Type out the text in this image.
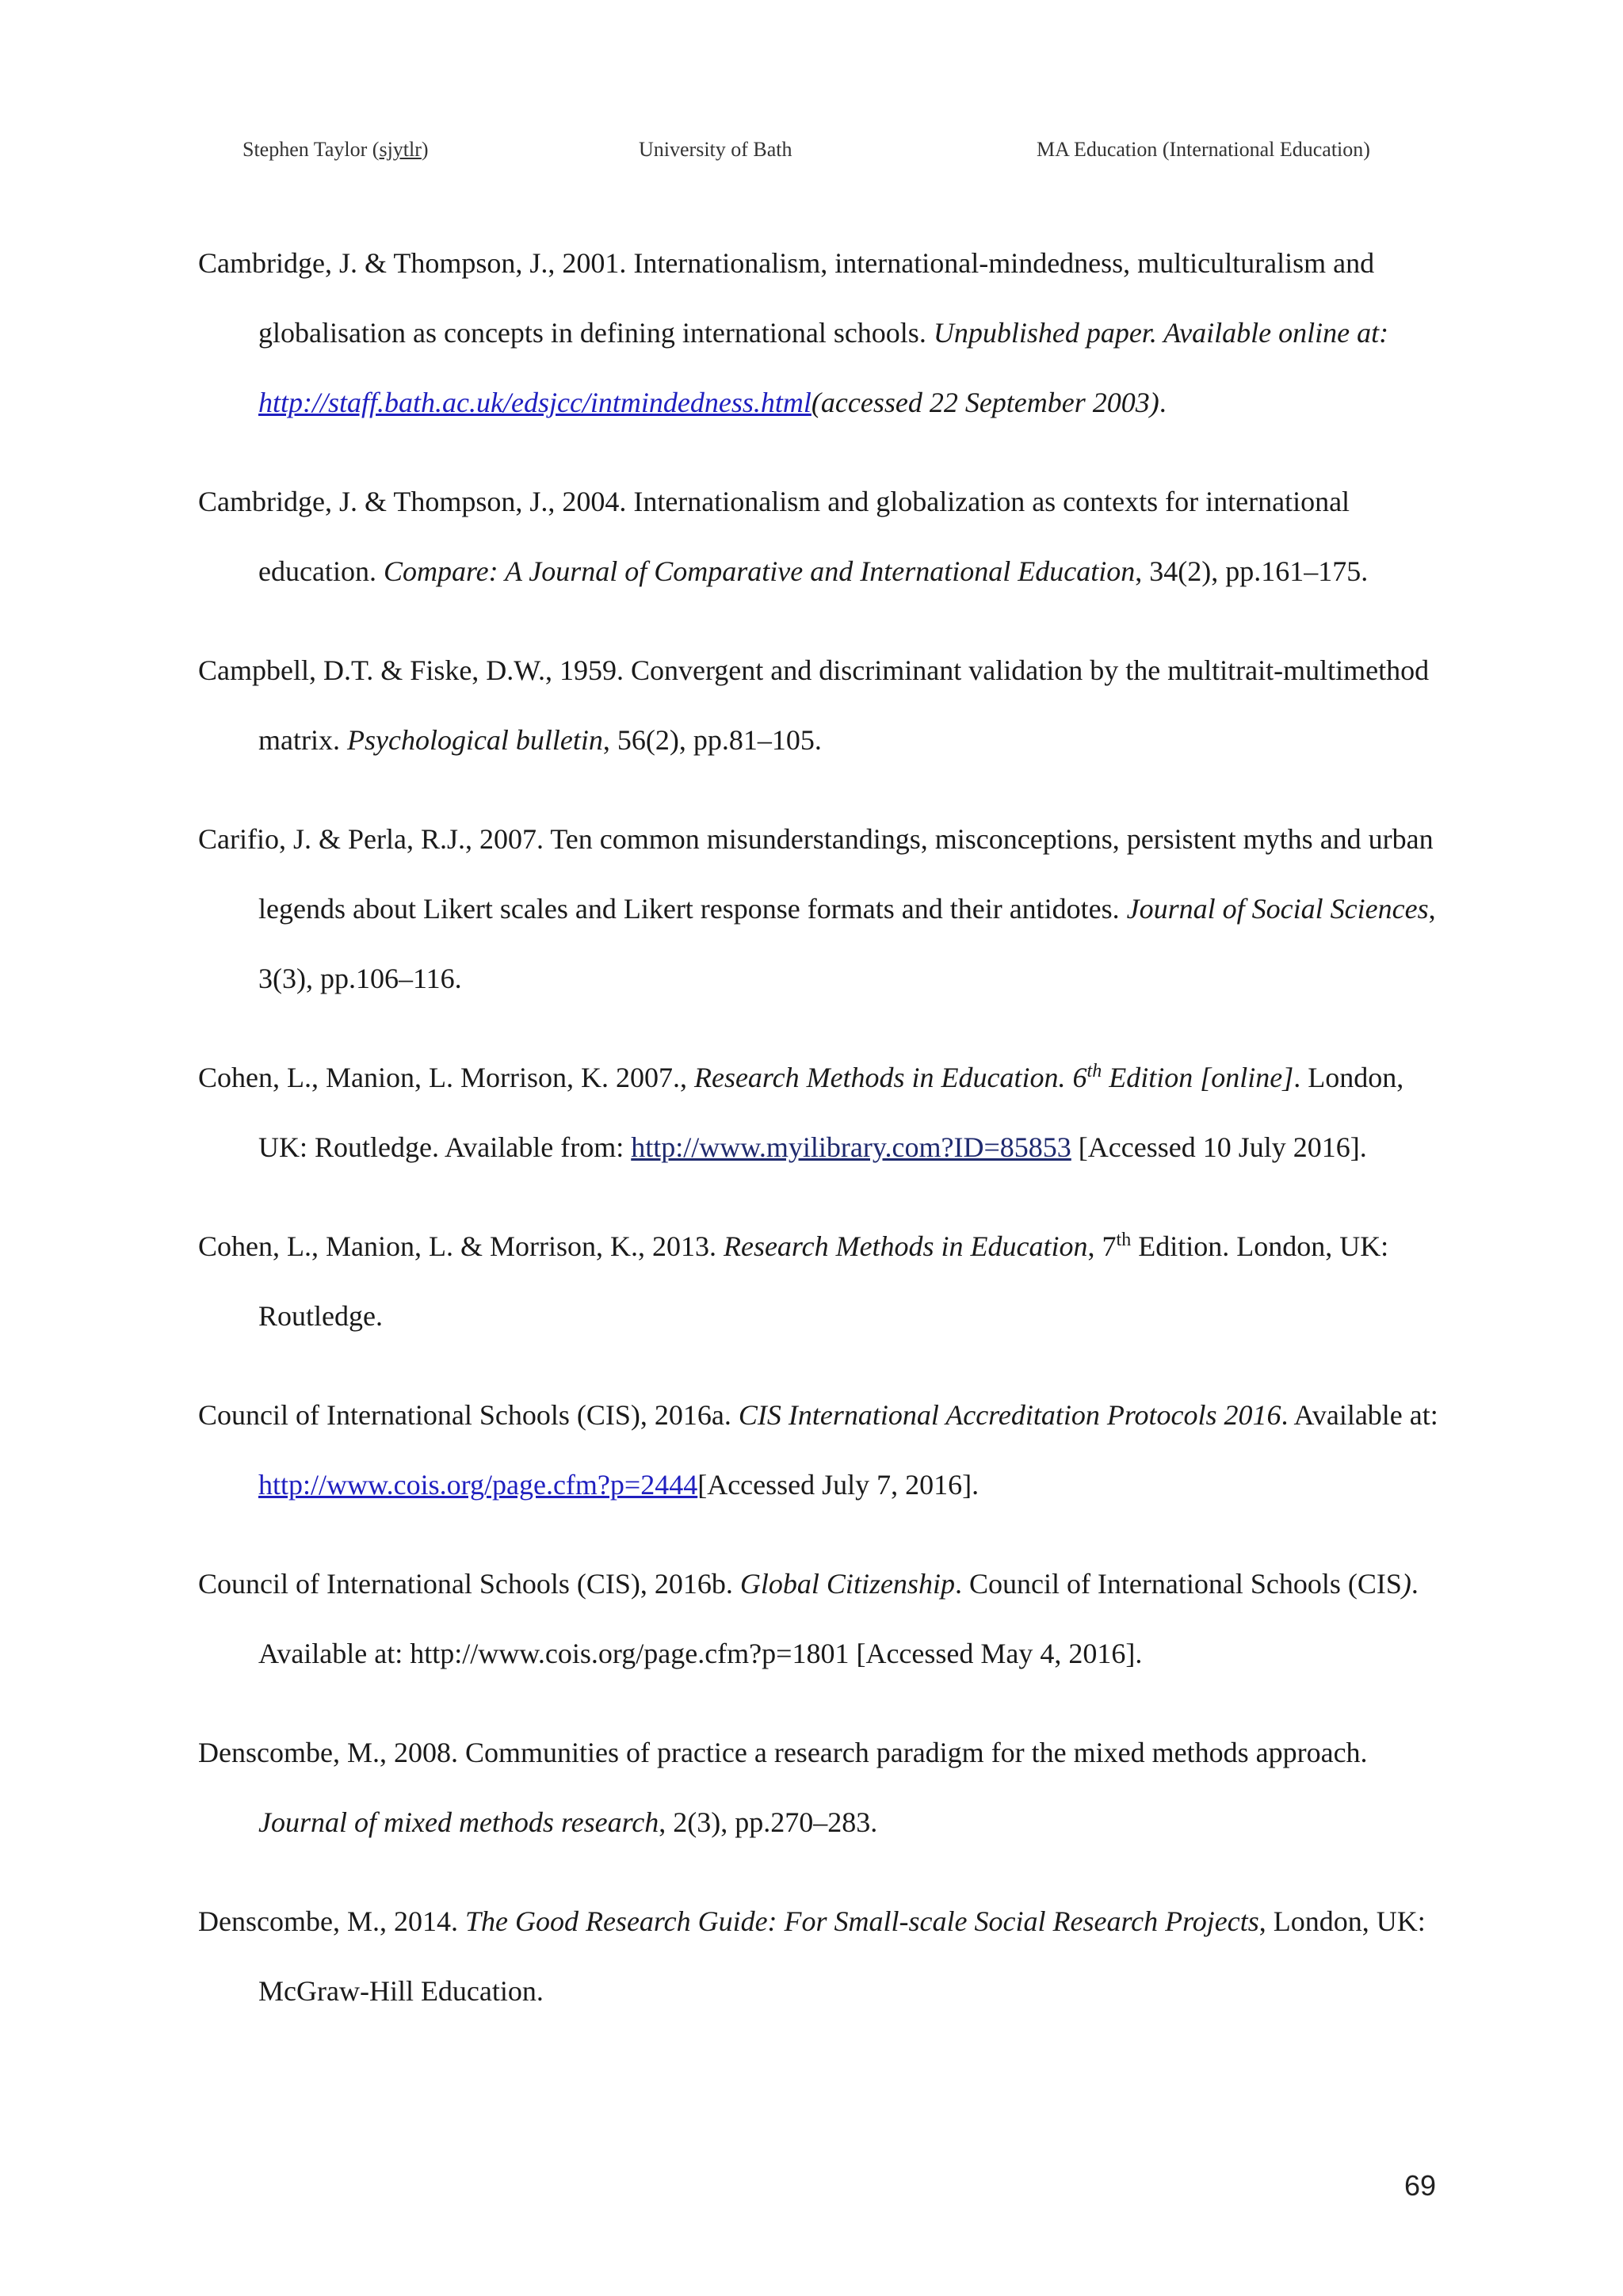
Stephen Taylor (sjytlr)	University of Bath	MA Education (International Education)

Cambridge, J. & Thompson, J., 2001. Internationalism, international-mindedness, multiculturalism and globalisation as concepts in defining international schools. Unpublished paper. Available online at: http://staff.bath.ac.uk/edsjcc/intmindedness.html(accessed 22 September 2003).

Cambridge, J. & Thompson, J., 2004. Internationalism and globalization as contexts for international education. Compare: A Journal of Comparative and International Education, 34(2), pp.161–175.

Campbell, D.T. & Fiske, D.W., 1959. Convergent and discriminant validation by the multitrait-multimethod matrix. Psychological bulletin, 56(2), pp.81–105.

Carifio, J. & Perla, R.J., 2007. Ten common misunderstandings, misconceptions, persistent myths and urban legends about Likert scales and Likert response formats and their antidotes. Journal of Social Sciences, 3(3), pp.106–116.

Cohen, L., Manion, L. Morrison, K. 2007., Research Methods in Education. 6th Edition [online]. London, UK: Routledge. Available from: http://www.myilibrary.com?ID=85853 [Accessed 10 July 2016].

Cohen, L., Manion, L. & Morrison, K., 2013. Research Methods in Education, 7th Edition. London, UK: Routledge.

Council of International Schools (CIS), 2016a. CIS International Accreditation Protocols 2016. Available at: http://www.cois.org/page.cfm?p=2444[Accessed July 7, 2016].

Council of International Schools (CIS), 2016b. Global Citizenship. Council of International Schools (CIS). Available at: http://www.cois.org/page.cfm?p=1801 [Accessed May 4, 2016].

Denscombe, M., 2008. Communities of practice a research paradigm for the mixed methods approach. Journal of mixed methods research, 2(3), pp.270–283.

Denscombe, M., 2014. The Good Research Guide: For Small-scale Social Research Projects, London, UK: McGraw-Hill Education.

69
